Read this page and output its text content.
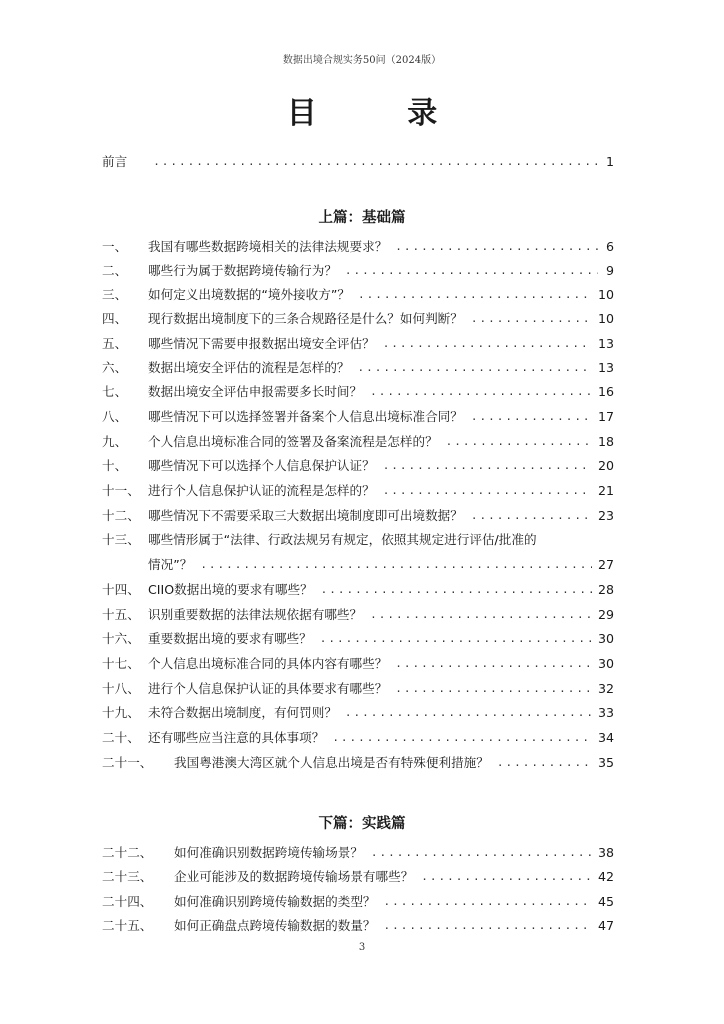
数据出境合规实务50问（2024版）
目 录
前言 .....	1
上篇：基础篇
一、	我国有哪些数据跨境相关的法律法规要求？ .....	6
二、	哪些行为属于数据跨境传输行为？ .....	9
三、	如何定义出境数据的“境外接收方”？ .....	10
四、	现行数据出境制度下的三条合规路径是什么？如何判断？ .....	10
五、	哪些情况下需要申报数据出境安全评估？ .....	13
六、	数据出境安全评估的流程是怎样的？ .....	13
七、	数据出境安全评估申报需要多长时间？ .....	16
八、	哪些情况下可以选择签署并备案个人信息出境标准合同？ .....	17
九、	个人信息出境标准合同的签署及备案流程是怎样的？ .....	18
十、	哪些情况下可以选择个人信息保护认证？ .....	20
十一、 进行个人信息保护认证的流程是怎样的？ .....	21
十二、 哪些情况下不需要采取三大数据出境制度即可出境数据？ .....	23
十三、 哪些情形属于“法律、行政法规另有规定，依照其规定进行评估/批准的
情况”？ .....	27
十四、 CIIO数据出境的要求有哪些？ .....	28
十五、 识别重要数据的法律法规依据有哪些？ .....	29
十六、 重要数据出境的要求有哪些？ .....	30
十七、 个人信息出境标准合同的具体内容有哪些？ .....	30
十八、 进行个人信息保护认证的具体要求有哪些？ .....	32
十九、 未符合数据出境制度，有何罚则？ .....	33
二十、 还有哪些应当注意的具体事项？ .....	34
二十一、	我国粤港澳大湾区就个人信息出境是否有特殊便利措施？ .....	35
下篇：实践篇
二十二、	如何准确识别数据跨境传输场景？ .....	38
二十三、	企业可能涉及的数据跨境传输场景有哪些？ .....	42
二十四、	如何准确识别跨境传输数据的类型？ .....	45
二十五、	如何正确盘点跨境传输数据的数量？ .....	47
3
